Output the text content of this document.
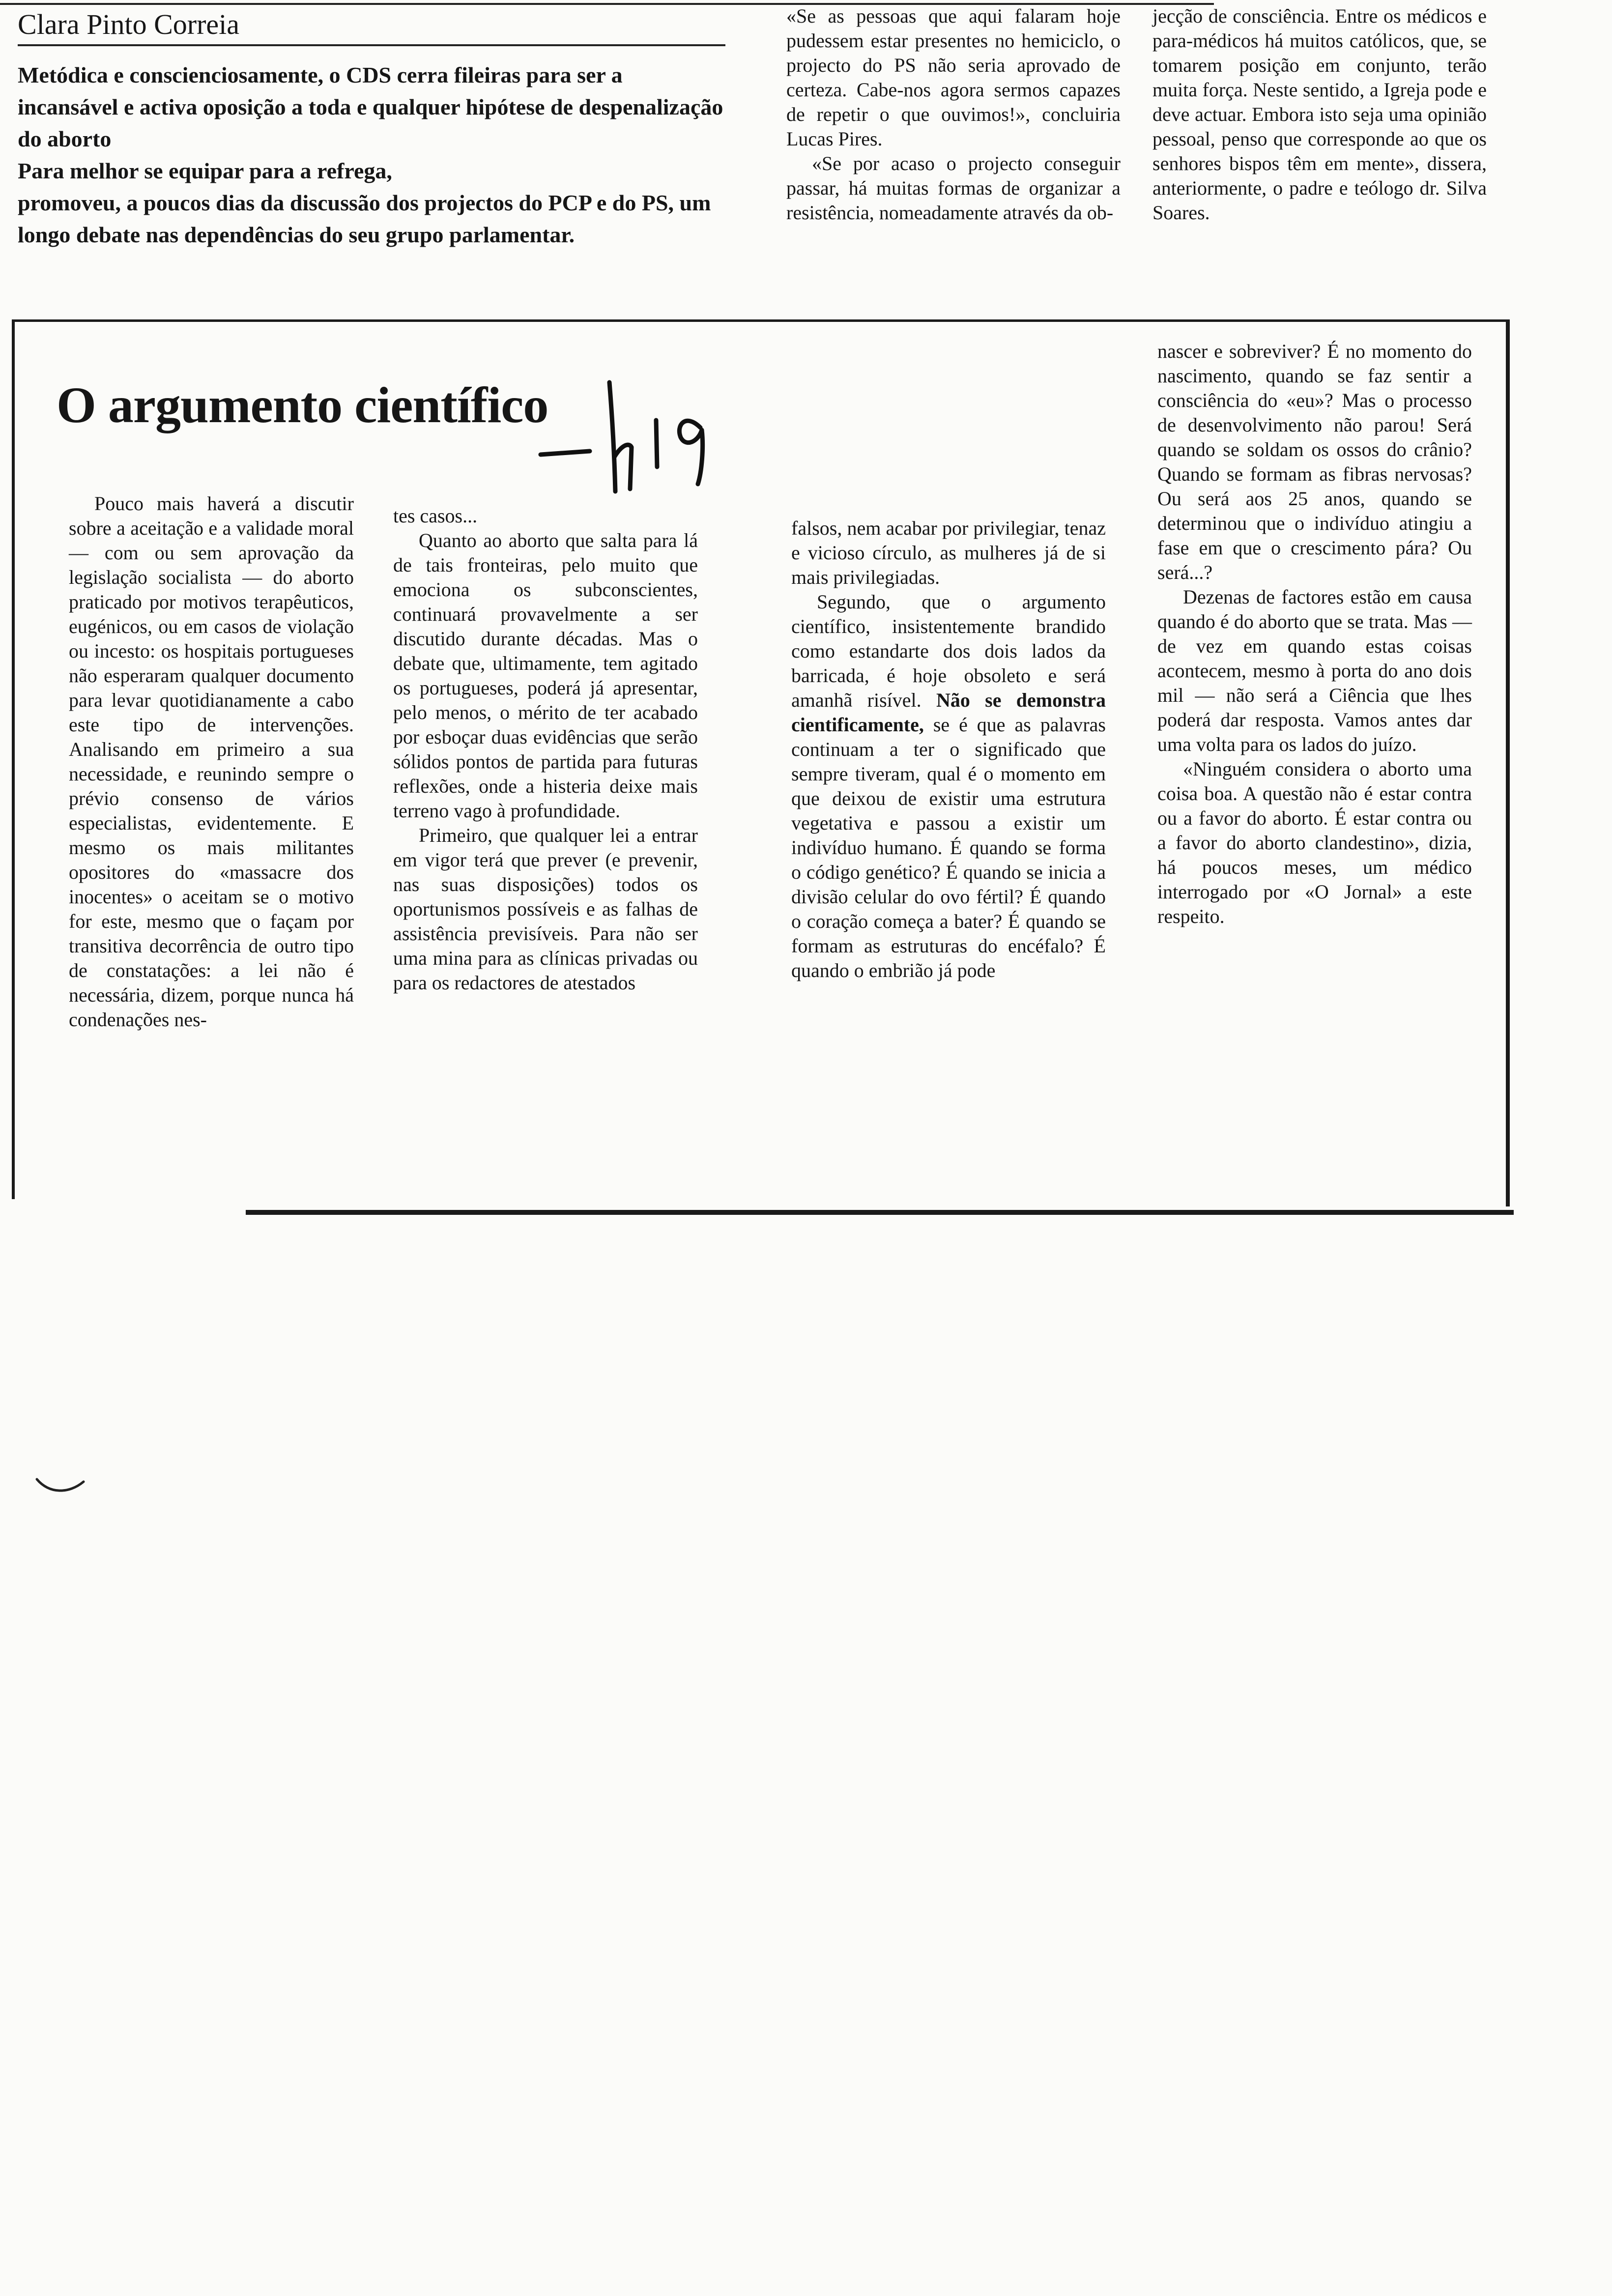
Clara Pinto Correia

Metódica e conscienciosamente, o CDS cerra fileiras para ser a incansável e activa oposição a toda e qualquer hipótese de despenalização do aborto

Para melhor se equipar para a refrega,

promoveu, a poucos dias da discussão dos projectos do PCP e do PS, um longo debate nas dependências do seu grupo parlamentar.

«Se as pessoas que aqui falaram hoje pudessem estar presentes no hemiciclo, o projecto do PS não seria aprovado de certeza. Cabe-nos agora sermos capazes de repetir o que ouvimos!», concluiria Lucas Pires.

«Se por acaso o projecto conseguir passar, há muitas formas de organizar a resistência, nomeadamente através da ob-

jecção de consciência. Entre os médicos e para-médicos há muitos católicos, que, se tomarem posição em conjunto, terão muita força. Neste sentido, a Igreja pode e deve actuar. Embora isto seja uma opinião pessoal, penso que corresponde ao que os senhores bispos têm em mente», dissera, anteriormente, o padre e teólogo dr. Silva Soares.

O argumento científico

Pouco mais haverá a discutir sobre a aceitação e a validade moral — com ou sem aprovação da legislação socialista — do aborto praticado por motivos terapêuticos, eugénicos, ou em casos de violação ou incesto: os hospitais portugueses não esperaram qualquer documento para levar quotidianamente a cabo este tipo de intervenções. Analisando em primeiro a sua necessidade, e reunindo sempre o prévio consenso de vários especialistas, evidentemente. E mesmo os mais militantes opositores do «massacre dos inocentes» o aceitam se o motivo for este, mesmo que o façam por transitiva decorrência de outro tipo de constatações: a lei não é necessária, dizem, porque nunca há condenações nes-

tes casos...

Quanto ao aborto que salta para lá de tais fronteiras, pelo muito que emociona os subconscientes, continuará provavelmente a ser discutido durante décadas. Mas o debate que, ultimamente, tem agitado os portugueses, poderá já apresentar, pelo menos, o mérito de ter acabado por esboçar duas evidências que serão sólidos pontos de partida para futuras reflexões, onde a histeria deixe mais terreno vago à profundidade.

Primeiro, que qualquer lei a entrar em vigor terá que prever (e prevenir, nas suas disposições) todos os oportunismos possíveis e as falhas de assistência previsíveis. Para não ser uma mina para as clínicas privadas ou para os redactores de atestados

falsos, nem acabar por privilegiar, tenaz e vicioso círculo, as mulheres já de si mais privilegiadas.

Segundo, que o argumento científico, insistentemente brandido como estandarte dos dois lados da barricada, é hoje obsoleto e será amanhã risível. Não se demonstra cientificamente, se é que as palavras continuam a ter o significado que sempre tiveram, qual é o momento em que deixou de existir uma estrutura vegetativa e passou a existir um indivíduo humano. É quando se forma o código genético? É quando se inicia a divisão celular do ovo fértil? É quando o coração começa a bater? É quando se formam as estruturas do encéfalo? É quando o embrião já pode

nascer e sobreviver? É no momento do nascimento, quando se faz sentir a consciência do «eu»? Mas o processo de desenvolvimento não parou! Será quando se soldam os ossos do crânio? Quando se formam as fibras nervosas? Ou será aos 25 anos, quando se determinou que o indivíduo atingiu a fase em que o crescimento pára? Ou será...?

Dezenas de factores estão em causa quando é do aborto que se trata. Mas — de vez em quando estas coisas acontecem, mesmo à porta do ano dois mil — não será a Ciência que lhes poderá dar resposta. Vamos antes dar uma volta para os lados do juízo.

«Ninguém considera o aborto uma coisa boa. A questão não é estar contra ou a favor do aborto. É estar contra ou a favor do aborto clandestino», dizia, há poucos meses, um médico interrogado por «O Jornal» a este respeito.
